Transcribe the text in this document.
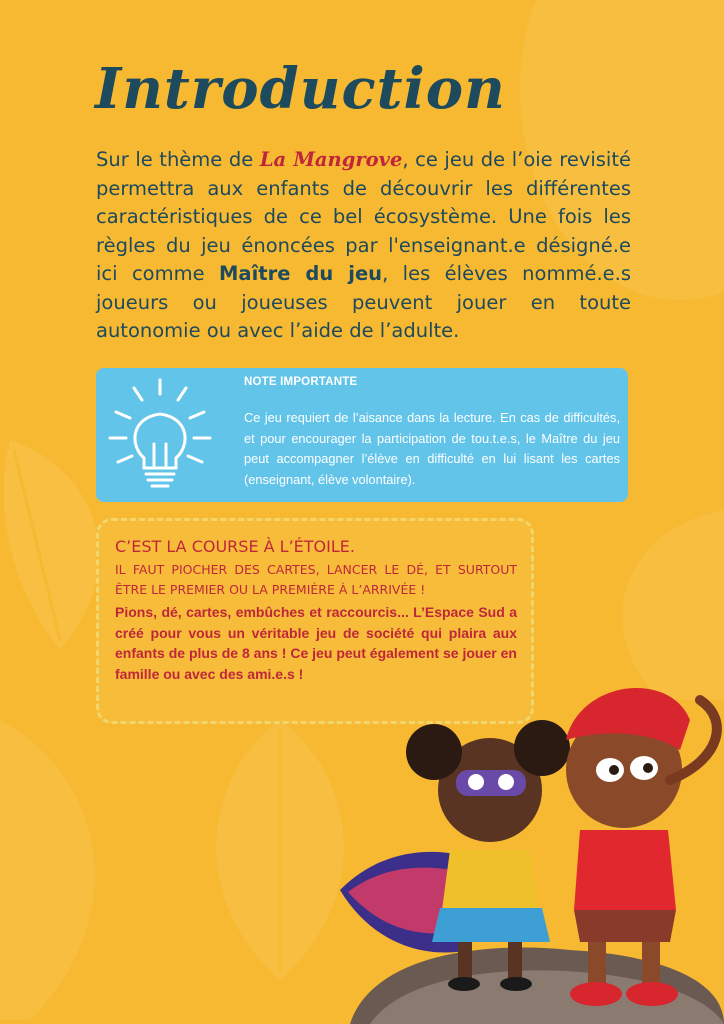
Introduction

Sur le thème de La Mangrove, ce jeu de l’oie revisité permettra aux enfants de découvrir les différentes caractéristiques de ce bel écosystème. Une fois les règles du jeu énoncées par l'enseignant.e désigné.e ici comme Maître du jeu, les élèves nommé.e.s joueurs ou joueuses peuvent jouer en toute autonomie ou avec l’aide de l’adulte.

NOTE IMPORTANTE
Ce jeu requiert de l’aisance dans la lecture. En cas de difficultés, et pour encourager la participation de tou.t.e.s, le Maître du jeu peut accompagner l’élève en difficulté en lui lisant les cartes (enseignant, élève volontaire).

C’EST LA COURSE À L’ÉTOILE.

IL FAUT PIOCHER DES CARTES, LANCER LE DÉ, ET SURTOUT ÊTRE LE PREMIER OU LA PREMIÈRE À L’ARRIVÉE !

Pions, dé, cartes, embûches et raccourcis... L’Espace Sud a créé pour vous un véritable jeu de société qui plaira aux enfants de plus de 8 ans ! Ce jeu peut également se jouer en famille ou avec des ami.e.s !
